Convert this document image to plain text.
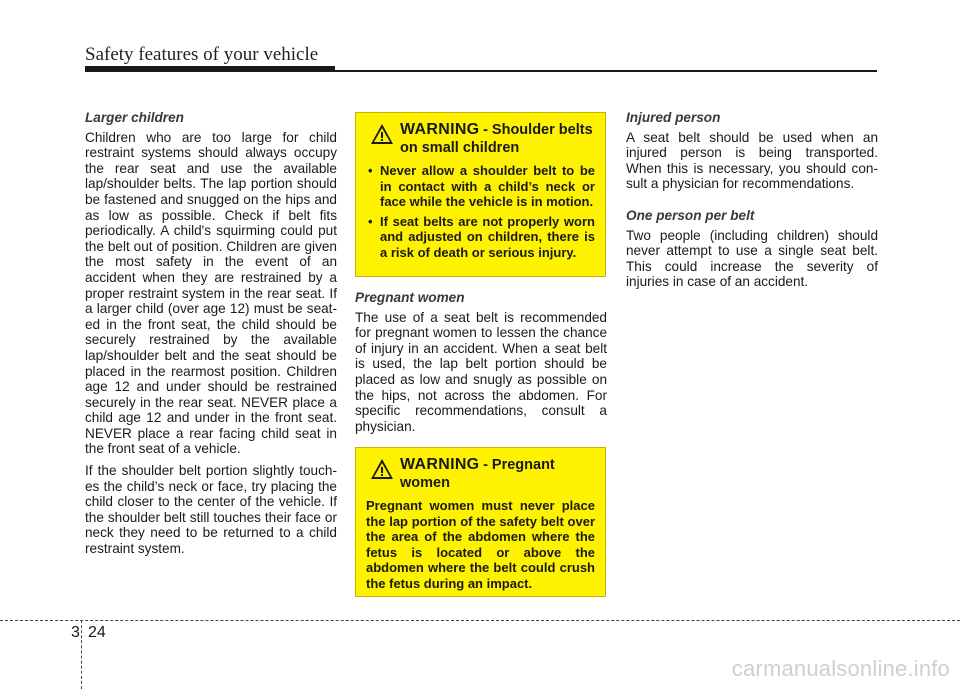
Safety features of your vehicle
Larger children

Children who are too large for child restraint systems should always occupy the rear seat and use the available lap/shoulder belts. The lap portion should be fastened and snugged on the hips and as low as possible. Check if belt fits periodically. A child's squirming could put the belt out of position. Children are given the most safety in the event of an accident when they are restrained by a proper restraint system in the rear seat. If a larger child (over age 12) must be seat-ed in the front seat, the child should be securely restrained by the available lap/shoulder belt and the seat should be placed in the rearmost position. Children age 12 and under should be restrained securely in the rear seat. NEVER place a child age 12 and under in the front seat. NEVER place a rear facing child seat in the front seat of a vehicle.

If the shoulder belt portion slightly touch-es the child’s neck or face, try placing the child closer to the center of the vehicle. If the shoulder belt still touches their face or neck they need to be returned to a child restraint system.

WARNING - Shoulder belts on small children
• Never allow a shoulder belt to be in contact with a child’s neck or face while the vehicle is in motion.
• If seat belts are not properly worn and adjusted on children, there is a risk of death or serious injury.
Pregnant women

The use of a seat belt is recommended for pregnant women to lessen the chance of injury in an accident. When a seat belt is used, the lap belt portion should be placed as low and snugly as possible on the hips, not across the abdomen. For specific recommendations, consult a physician.

WARNING - Pregnant women
Pregnant women must never place the lap portion of the safety belt over the area of the abdomen where the fetus is located or above the abdomen where the belt could crush the fetus during an impact.
Injured person

A seat belt should be used when an injured person is being transported. When this is necessary, you should con-sult a physician for recommendations.

One person per belt

Two people (including children) should never attempt to use a single seat belt. This could increase the severity of injuries in case of an accident.

3 24
carmanualsonline.info
